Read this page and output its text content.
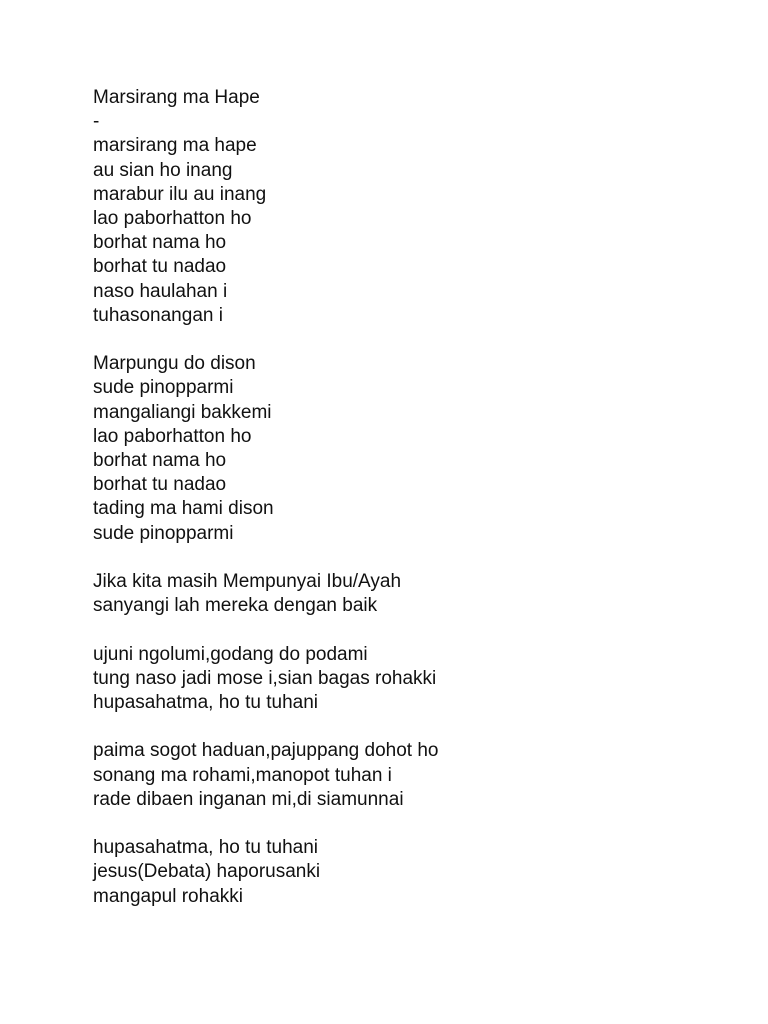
Marsirang ma Hape
-
marsirang ma hape
au sian ho inang
marabur ilu au inang
lao paborhatton ho
borhat nama ho
borhat tu nadao
naso haulahan i
tuhasonangan i
Marpungu do dison
sude pinopparmi
mangaliangi bakkemi
lao paborhatton ho
borhat nama ho
borhat tu nadao
tading ma hami dison
sude pinopparmi
Jika kita masih Mempunyai Ibu/Ayah
sanyangi lah mereka dengan baik
ujuni ngolumi,godang do podami
tung naso jadi mose i,sian bagas rohakki
hupasahatma, ho tu tuhani
paima sogot haduan,pajuppang dohot ho
sonang ma rohami,manopot tuhan i
rade dibaen inganan mi,di siamunnai
hupasahatma, ho tu tuhani
jesus(Debata) haporusanki
mangapul rohakki
